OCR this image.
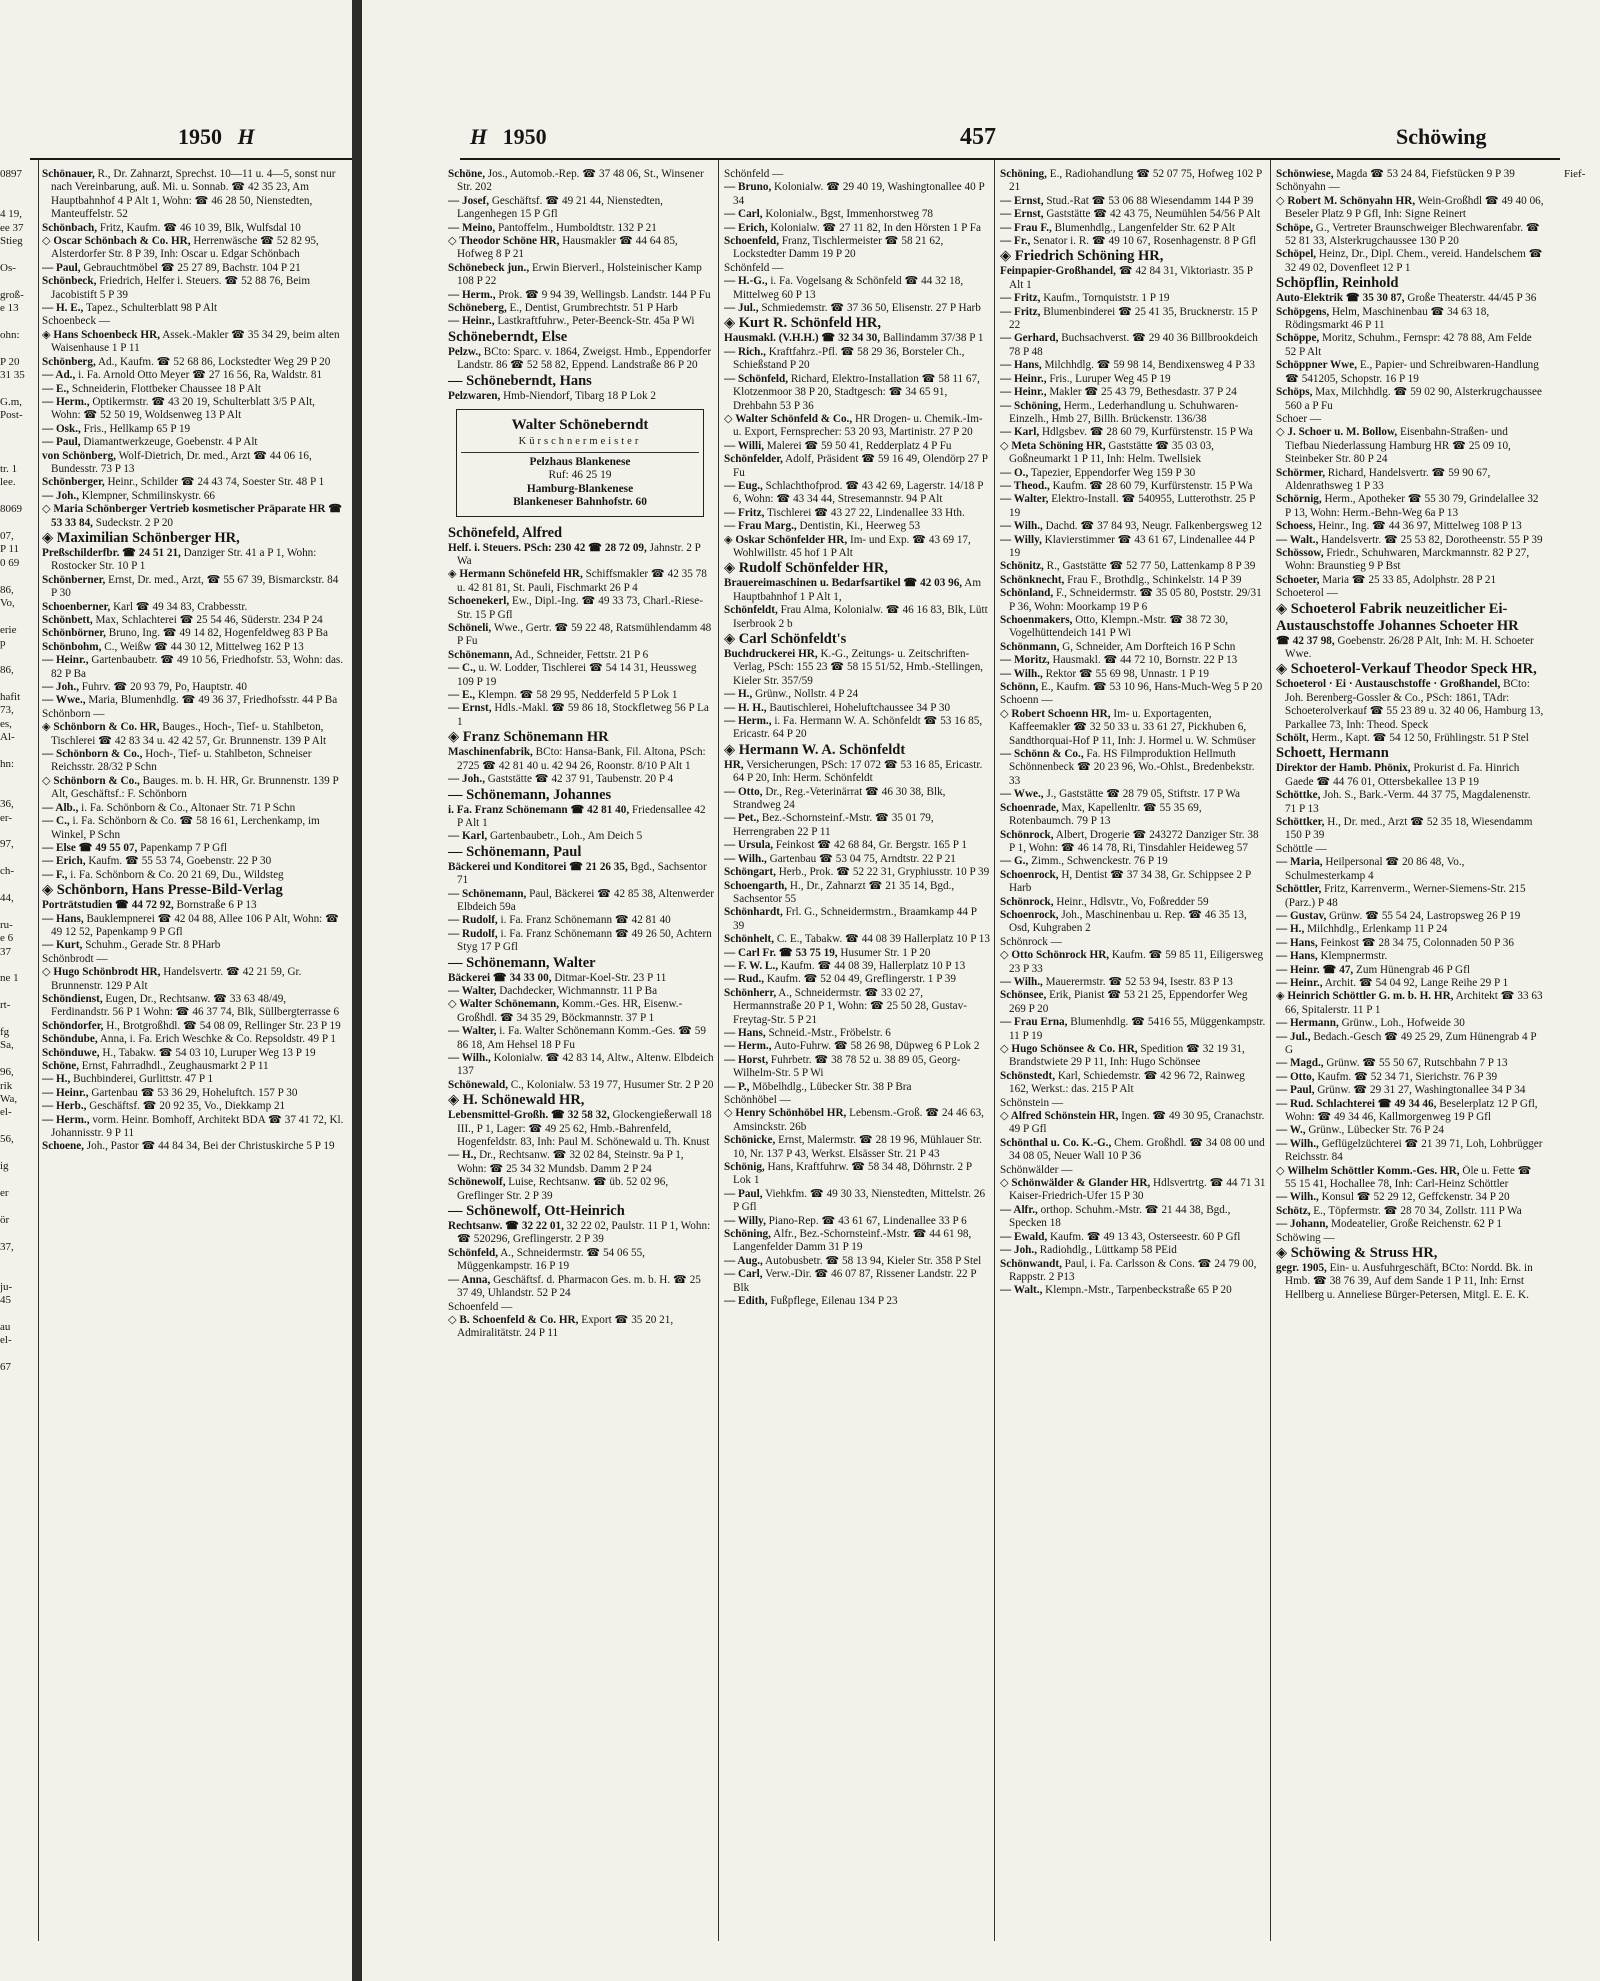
0897

4 19,
ee 37
Stieg

Os-

groß-
e 13

ohn:

P 20
31 35

G.m,
Post-

tr. 1
lee.

8069

07,
P 11
0 69

86,
Vo,

erie
p

86,

hafit
73,
es,
Al-

hn:

36,
er-

97,

ch-

44,

ru-
e 6
37

ne 1

rt-

fg
Sa,

96,
rik
Wa,
el-

56,

ig

er

ör

37,

ju-
45

au
el-

67
1950 H

Schönauer, R., Dr. Zahnarzt, Sprechst. 10—11 u. 4—5, sonst nur nach Vereinbarung, auß. Mi. u. Sonnab. ☎ 42 35 23, Am Hauptbahnhof 4 P Alt 1, Wohn: ☎ 46 28 50, Nienstedten, Manteuffelstr. 52

Schönbach, Fritz, Kaufm. ☎ 46 10 39, Blk, Wulfsdal 10

◇ Oscar Schönbach & Co. HR, Herrenwäsche ☎ 52 82 95, Alsterdorfer Str. 8 P 39, Inh: Oscar u. Edgar Schönbach

— Paul, Gebrauchtmöbel ☎ 25 27 89, Bachstr. 104 P 21

Schönbeck, Friedrich, Helfer i. Steuers. ☎ 52 88 76, Beim Jacobistift 5 P 39

— H. E., Tapez., Schulterblatt 98 P Alt

Schoenbeck —

◈ Hans Schoenbeck HR, Assek.-Makler ☎ 35 34 29, beim alten Waisenhause 1 P 11

Schönberg, Ad., Kaufm. ☎ 52 68 86, Lockstedter Weg 29 P 20

— Ad., i. Fa. Arnold Otto Meyer ☎ 27 16 56, Ra, Waldstr. 81

— E., Schneiderin, Flottbeker Chaussee 18 P Alt

— Herm., Optikermstr. ☎ 43 20 19, Schulterblatt 3/5 P Alt, Wohn: ☎ 52 50 19, Woldsenweg 13 P Alt

— Osk., Fris., Hellkamp 65 P 19

— Paul, Diamantwerkzeuge, Goebenstr. 4 P Alt

von Schönberg, Wolf-Dietrich, Dr. med., Arzt ☎ 44 06 16, Bundesstr. 73 P 13

Schönberger, Heinr., Schilder ☎ 24 43 74, Soester Str. 48 P 1

— Joh., Klempner, Schmilinskystr. 66

◇ Maria Schönberger Vertrieb kosmetischer Präparate HR ☎ 53 33 84, Sudeckstr. 2 P 20

◈ Maximilian Schönberger HR,

Preßschilderfbr. ☎ 24 51 21, Danziger Str. 41 a P 1, Wohn: Rostocker Str. 10 P 1

Schönberner, Ernst, Dr. med., Arzt, ☎ 55 67 39, Bismarckstr. 84 P 30

Schoenberner, Karl ☎ 49 34 83, Crabbesstr.

Schönbett, Max, Schlachterei ☎ 25 54 46, Süderstr. 234 P 24

Schönbörner, Bruno, Ing. ☎ 49 14 82, Hogenfeldweg 83 P Ba

Schönbohm, C., Weißw ☎ 44 30 12, Mittelweg 162 P 13

— Heinr., Gartenbaubetr. ☎ 49 10 56, Friedhofstr. 53, Wohn: das. 82 P Ba

— Joh., Fuhrv. ☎ 20 93 79, Po, Hauptstr. 40

— Wwe., Maria, Blumenhdlg. ☎ 49 36 37, Friedhofsstr. 44 P Ba

Schönborn —

◈ Schönborn & Co. HR, Bauges., Hoch-, Tief- u. Stahlbeton, Tischlerei ☎ 42 83 34 u. 42 42 57, Gr. Brunnenstr. 139 P Alt

— Schönborn & Co., Hoch-, Tief- u. Stahlbeton, Schneiser Reichsstr. 28/32 P Schn

◇ Schönborn & Co., Bauges. m. b. H. HR, Gr. Brunnenstr. 139 P Alt, Geschäftsf.: F. Schönborn

— Alb., i. Fa. Schönborn & Co., Altonaer Str. 71 P Schn

— C., i. Fa. Schönborn & Co. ☎ 58 16 61, Lerchenkamp, im Winkel, P Schn

— Else ☎ 49 55 07, Papenkamp 7 P Gfl

— Erich, Kaufm. ☎ 55 53 74, Goebenstr. 22 P 30

— F., i. Fa. Schönborn & Co. 20 21 69, Du., Wildsteg

◈ Schönborn, Hans Presse-Bild-Verlag

Porträtstudien ☎ 44 72 92, Bornstraße 6 P 13

— Hans, Bauklempnerei ☎ 42 04 88, Allee 106 P Alt, Wohn: ☎ 49 12 52, Papenkamp 9 P Gfl

— Kurt, Schuhm., Gerade Str. 8 PHarb

Schönbrodt —

◇ Hugo Schönbrodt HR, Handelsvertr. ☎ 42 21 59, Gr. Brunnenstr. 129 P Alt

Schöndienst, Eugen, Dr., Rechtsanw. ☎ 33 63 48/49, Ferdinandstr. 56 P 1 Wohn: ☎ 46 37 74, Blk, Süllbergterrasse 6

Schöndorfer, H., Brotgroßhdl. ☎ 54 08 09, Rellinger Str. 23 P 19

Schöndube, Anna, i. Fa. Erich Weschke & Co. Repsoldstr. 49 P 1

Schönduwe, H., Tabakw. ☎ 54 03 10, Luruper Weg 13 P 19

Schöne, Ernst, Fahrradhdl., Zeughausmarkt 2 P 11

— H., Buchbinderei, Gurlittstr. 47 P 1

— Heinr., Gartenbau ☎ 53 36 29, Hoheluftch. 157 P 30

— Herb., Geschäftsf. ☎ 20 92 35, Vo., Diekkamp 21

— Herm., vorm. Heinr. Bomhoff, Architekt BDA ☎ 37 41 72, Kl. Johannisstr. 9 P 11

Schoene, Joh., Pastor ☎ 44 84 34, Bei der Christuskirche 5 P 19

H 1950	457	Schöwing

Schöne, Jos., Automob.-Rep. ☎ 37 48 06, St., Winsener Str. 202

— Josef, Geschäftsf. ☎ 49 21 44, Nienstedten, Langenhegen 15 P Gfl

— Meino, Pantoffelm., Humboldtstr. 132 P 21

◇ Theodor Schöne HR, Hausmakler ☎ 44 64 85, Hofweg 8 P 21

Schönebeck jun., Erwin Bierverl., Holsteinischer Kamp 108 P 22

— Herm., Prok. ☎ 9 94 39, Wellingsb. Landstr. 144 P Fu

Schöneberg, E., Dentist, Grumbrechtstr. 51 P Harb

— Heinr., Lastkraftfuhrw., Peter-Beenck-Str. 45a P Wi

Schöneberndt, Else

Pelzw., BCto: Sparc. v. 1864, Zweigst. Hmb., Eppendorfer Landstr. 86 ☎ 52 58 82, Eppend. Landstraße 86 P 20

— Schöneberndt, Hans

Pelzwaren, Hmb-Niendorf, Tibarg 18 P Lok 2

Walter Schöneberndt
Kürschnermeister
Pelzhaus Blankenese
Ruf: 46 25 19
Hamburg-Blankenese
Blankeneser Bahnhofstr. 60

Schönefeld, Alfred

Helf. i. Steuers. PSch: 230 42 ☎ 28 72 09, Jahnstr. 2 P Wa

◈ Hermann Schönefeld HR, Schiffsmakler ☎ 42 35 78 u. 42 81 81, St. Pauli, Fischmarkt 26 P 4

Schoenekerl, Ew., Dipl.-Ing. ☎ 49 33 73, Charl.-Riese-Str. 15 P Gfl

Schöneli, Wwe., Gertr. ☎ 59 22 48, Ratsmühlendamm 48 P Fu

Schönemann, Ad., Schneider, Fettstr. 21 P 6

— C., u. W. Lodder, Tischlerei ☎ 54 14 31, Heussweg 109 P 19

— E., Klempn. ☎ 58 29 95, Nedderfeld 5 P Lok 1

— Ernst, Hdls.-Makl. ☎ 59 86 18, Stockfletweg 56 P La 1

◈ Franz Schönemann HR

Maschinenfabrik, BCto: Hansa-Bank, Fil. Altona, PSch: 2725 ☎ 42 81 40 u. 42 94 26, Roonstr. 8/10 P Alt 1

— Joh., Gaststätte ☎ 42 37 91, Taubenstr. 20 P 4

— Schönemann, Johannes

i. Fa. Franz Schönemann ☎ 42 81 40, Friedensallee 42 P Alt 1

— Karl, Gartenbaubetr., Loh., Am Deich 5

— Schönemann, Paul

Bäckerei und Konditorei ☎ 21 26 35, Bgd., Sachsentor 71

— Schönemann, Paul, Bäckerei ☎ 42 85 38, Altenwerder Elbdeich 59a

— Rudolf, i. Fa. Franz Schönemann ☎ 42 81 40

— Rudolf, i. Fa. Franz Schönemann ☎ 49 26 50, Achtern Styg 17 P Gfl

— Schönemann, Walter

Bäckerei ☎ 34 33 00, Ditmar-Koel-Str. 23 P 11

— Walter, Dachdecker, Wichmannstr. 11 P Ba

◇ Walter Schönemann, Komm.-Ges. HR, Eisenw.-Großhdl. ☎ 34 35 29, Böckmannstr. 37 P 1

— Walter, i. Fa. Walter Schönemann Komm.-Ges. ☎ 59 86 18, Am Hehsel 18 P Fu

— Wilh., Kolonialw. ☎ 42 83 14, Altw., Altenw. Elbdeich 137

Schönewald, C., Kolonialw. 53 19 77, Husumer Str. 2 P 20

◈ H. Schönewald HR,

Lebensmittel-Großh. ☎ 32 58 32, Glockengießerwall 18 III., P 1, Lager: ☎ 49 25 62, Hmb.-Bahrenfeld, Hogenfeldstr. 83, Inh: Paul M. Schönewald u. Th. Knust

— H., Dr., Rechtsanw. ☎ 32 02 84, Steinstr. 9a P 1, Wohn: ☎ 25 34 32 Mundsb. Damm 2 P 24

Schönewolf, Luise, Rechtsanw. ☎ üb. 52 02 96, Greflinger Str. 2 P 39

— Schönewolf, Ott-Heinrich

Rechtsanw. ☎ 32 22 01, 32 22 02, Paulstr. 11 P 1, Wohn: ☎ 520296, Greflingerstr. 2 P 39

Schönfeld, A., Schneidermstr. ☎ 54 06 55, Müggenkampstr. 16 P 19

— Anna, Geschäftsf. d. Pharmacon Ges. m. b. H. ☎ 25 37 49, Uhlandstr. 52 P 24

Schoenfeld —

◇ B. Schoenfeld & Co. HR, Export ☎ 35 20 21, Admiralitätstr. 24 P 11

Schönfeld —

— Bruno, Kolonialw. ☎ 29 40 19, Washingtonallee 40 P 34

— Carl, Kolonialw., Bgst, Immenhorstweg 78

— Erich, Kolonialw. ☎ 27 11 82, In den Hörsten 1 P Fa

Schoenfeld, Franz, Tischlermeister ☎ 58 21 62, Lockstedter Damm 19 P 20

Schönfeld —

— H.-G., i. Fa. Vogelsang & Schönfeld ☎ 44 32 18, Mittelweg 60 P 13

— Jul., Schmiedemstr. ☎ 37 36 50, Elisenstr. 27 P Harb

◈ Kurt R. Schönfeld HR,

Hausmakl. (V.H.H.) ☎ 32 34 30, Ballindamm 37/38 P 1

— Rich., Kraftfahrz.-Pfl. ☎ 58 29 36, Borsteler Ch., Schießstand P 20

— Schönfeld, Richard, Elektro-Installation ☎ 58 11 67, Klotzenmoor 38 P 20, Stadtgesch: ☎ 34 65 91, Drehbahn 53 P 36

◇ Walter Schönfeld & Co., HR Drogen- u. Chemik.-Im- u. Export, Fernsprecher: 53 20 93, Martinistr. 27 P 20

— Willi, Malerei ☎ 59 50 41, Redderplatz 4 P Fu

Schönfelder, Adolf, Präsident ☎ 59 16 49, Olendörp 27 P Fu

— Eug., Schlachthofprod. ☎ 43 42 69, Lagerstr. 14/18 P 6, Wohn: ☎ 43 34 44, Stresemannstr. 94 P Alt

— Fritz, Tischlerei ☎ 43 27 22, Lindenallee 33 Hth.

— Frau Marg., Dentistin, Ki., Heerweg 53

◈ Oskar Schönfelder HR, Im- und Exp. ☎ 43 69 17, Wohlwillstr. 45 hof 1 P Alt

◈ Rudolf Schönfelder HR,

Brauereimaschinen u. Bedarfsartikel ☎ 42 03 96, Am Hauptbahnhof 1 P Alt 1,

Schönfeldt, Frau Alma, Kolonialw. ☎ 46 16 83, Blk, Lütt Iserbrook 2 b

◈ Carl Schönfeldt's

Buchdruckerei HR, K.-G., Zeitungs- u. Zeitschriften-Verlag, PSch: 155 23 ☎ 58 15 51/52, Hmb.-Stellingen, Kieler Str. 357/59

— H., Grünw., Nollstr. 4 P 24

— H. H., Bautischlerei, Hoheluftchaussee 34 P 30

— Herm., i. Fa. Hermann W. A. Schönfeldt ☎ 53 16 85, Ericastr. 64 P 20

◈ Hermann W. A. Schönfeldt

HR, Versicherungen, PSch: 17 072 ☎ 53 16 85, Ericastr. 64 P 20, Inh: Herm. Schönfeldt

— Otto, Dr., Reg.-Veterinärrat ☎ 46 30 38, Blk, Strandweg 24

— Pet., Bez.-Schornsteinf.-Mstr. ☎ 35 01 79, Herrengraben 22 P 11

— Ursula, Feinkost ☎ 42 68 84, Gr. Bergstr. 165 P 1

— Wilh., Gartenbau ☎ 53 04 75, Arndtstr. 22 P 21

Schöngart, Herb., Prok. ☎ 52 22 31, Gryphiusstr. 10 P 39

Schoengarth, H., Dr., Zahnarzt ☎ 21 35 14, Bgd., Sachsentor 55

Schönhardt, Frl. G., Schneidermstrn., Braamkamp 44 P 39

Schönhelt, C. E., Tabakw. ☎ 44 08 39 Hallerplatz 10 P 13

— Carl Fr. ☎ 53 75 19, Husumer Str. 1 P 20

— F. W. L., Kaufm. ☎ 44 08 39, Hallerplatz 10 P 13

— Rud., Kaufm. ☎ 52 04 49, Greflingerstr. 1 P 39

Schönherr, A., Schneidermstr. ☎ 33 02 27, Hermannstraße 20 P 1, Wohn: ☎ 25 50 28, Gustav-Freytag-Str. 5 P 21

— Hans, Schneid.-Mstr., Fröbelstr. 6

— Herm., Auto-Fuhrw. ☎ 58 26 98, Düpweg 6 P Lok 2

— Horst, Fuhrbetr. ☎ 38 78 52 u. 38 89 05, Georg-Wilhelm-Str. 5 P Wi

— P., Möbelhdlg., Lübecker Str. 38 P Bra

Schönhöbel —

◇ Henry Schönhöbel HR, Lebensm.-Groß. ☎ 24 46 63, Amsinckstr. 26b

Schönicke, Ernst, Malermstr. ☎ 28 19 96, Mühlauer Str. 10, Nr. 137 P 43, Werkst. Elsässer Str. 21 P 43

Schönig, Hans, Kraftfuhrw. ☎ 58 34 48, Döhrnstr. 2 P Lok 1

— Paul, Viehkfm. ☎ 49 30 33, Nienstedten, Mittelstr. 26 P Gfl

— Willy, Piano-Rep. ☎ 43 61 67, Lindenallee 33 P 6

Schöning, Alfr., Bez.-Schornsteinf.-Mstr. ☎ 44 61 98, Langenfelder Damm 31 P 19

— Aug., Autobusbetr. ☎ 58 13 94, Kieler Str. 358 P Stel

— Carl, Verw.-Dir. ☎ 46 07 87, Rissener Landstr. 22 P Blk

— Edith, Fußpflege, Eilenau 134 P 23

Schöning, E., Radiohandlung ☎ 52 07 75, Hofweg 102 P 21

— Ernst, Stud.-Rat ☎ 53 06 88 Wiesendamm 144 P 39

— Ernst, Gaststätte ☎ 42 43 75, Neumühlen 54/56 P Alt

— Frau F., Blumenhdlg., Langenfelder Str. 62 P Alt

— Fr., Senator i. R. ☎ 49 10 67, Rosenhagenstr. 8 P Gfl

◈ Friedrich Schöning HR,

Feinpapier-Großhandel, ☎ 42 84 31, Viktoriastr. 35 P Alt 1

— Fritz, Kaufm., Tornquiststr. 1 P 19

— Fritz, Blumenbinderei ☎ 25 41 35, Brucknerstr. 15 P 22

— Gerhard, Buchsachverst. ☎ 29 40 36 Billbrookdeich 78 P 48

— Hans, Milchhdlg. ☎ 59 98 14, Bendixensweg 4 P 33

— Heinr., Fris., Luruper Weg 45 P 19

— Heinr., Makler ☎ 25 43 79, Bethesdastr. 37 P 24

— Schöning, Herm., Lederhandlung u. Schuhwaren-Einzelh., Hmb 27, Billh. Brückenstr. 136/38

— Karl, Hdlgsbev. ☎ 28 60 79, Kurfürstenstr. 15 P Wa

◇ Meta Schöning HR, Gaststätte ☎ 35 03 03, Goßneumarkt 1 P 11, Inh: Helm. Twellsiek

— O., Tapezier, Eppendorfer Weg 159 P 30

— Theod., Kaufm. ☎ 28 60 79, Kurfürstenstr. 15 P Wa

— Walter, Elektro-Install. ☎ 540955, Lutterothstr. 25 P 19

— Wilh., Dachd. ☎ 37 84 93, Neugr. Falkenbergsweg 12

— Willy, Klavierstimmer ☎ 43 61 67, Lindenallee 44 P 19

Schönitz, R., Gaststätte ☎ 52 77 50, Lattenkamp 8 P 39

Schönknecht, Frau F., Brothdlg., Schinkelstr. 14 P 39

Schönland, F., Schneidermstr. ☎ 35 05 80, Poststr. 29/31 P 36, Wohn: Moorkamp 19 P 6

Schoenmakers, Otto, Klempn.-Mstr. ☎ 38 72 30, Vogelhüttendeich 141 P Wi

Schönmann, G, Schneider, Am Dorfteich 16 P Schn

— Moritz, Hausmakl. ☎ 44 72 10, Bornstr. 22 P 13

— Wilh., Rektor ☎ 55 69 98, Unnastr. 1 P 19

Schönn, E., Kaufm. ☎ 53 10 96, Hans-Much-Weg 5 P 20

Schoenn —

◇ Robert Schoenn HR, Im- u. Exportagenten, Kaffeemakler ☎ 32 50 33 u. 33 61 27, Pickhuben 6, Sandthorquai-Hof P 11, Inh: J. Hormel u. W. Schmüser

— Schönn & Co., Fa. HS Filmproduktion Hellmuth Schönnenbeck ☎ 20 23 96, Wo.-Ohlst., Bredenbekstr. 33

— Wwe., J., Gaststätte ☎ 28 79 05, Stiftstr. 17 P Wa

Schoenrade, Max, Kapellenltr. ☎ 55 35 69, Rotenbaumch. 79 P 13

Schönrock, Albert, Drogerie ☎ 243272 Danziger Str. 38 P 1, Wohn: ☎ 46 14 78, Ri, Tinsdahler Heideweg 57

— G., Zimm., Schwenckestr. 76 P 19

Schoenrock, H, Dentist ☎ 37 34 38, Gr. Schippsee 2 P Harb

Schönrock, Heinr., Hdlsvtr., Vo, Foßredder 59

Schoenrock, Joh., Maschinenbau u. Rep. ☎ 46 35 13, Osd, Kuhgraben 2

Schönrock —

◇ Otto Schönrock HR, Kaufm. ☎ 59 85 11, Eiligersweg 23 P 33

— Wilh., Mauerermstr. ☎ 52 53 94, Isestr. 83 P 13

Schönsee, Erik, Pianist ☎ 53 21 25, Eppendorfer Weg 269 P 20

— Frau Erna, Blumenhdlg. ☎ 5416 55, Müggenkampstr. 11 P 19

◇ Hugo Schönsee & Co. HR, Spedition ☎ 32 19 31, Brandstwiete 29 P 11, Inh: Hugo Schönsee

Schönstedt, Karl, Schiedemstr. ☎ 42 96 72, Rainweg 162, Werkst.: das. 215 P Alt

Schönstein —

◇ Alfred Schönstein HR, Ingen. ☎ 49 30 95, Cranachstr. 49 P Gfl

Schönthal u. Co. K.-G., Chem. Großhdl. ☎ 34 08 00 und 34 08 05, Neuer Wall 10 P 36

Schönwälder —

◇ Schönwälder & Glander HR, Hdlsvertrtg. ☎ 44 71 31 Kaiser-Friedrich-Ufer 15 P 30

— Alfr., orthop. Schuhm.-Mstr. ☎ 21 44 38, Bgd., Specken 18

— Ewald, Kaufm. ☎ 49 13 43, Osterseestr. 60 P Gfl

— Joh., Radiohdlg., Lüttkamp 58 PEid

Schönwandt, Paul, i. Fa. Carlsson & Cons. ☎ 24 79 00, Rappstr. 2 P13

— Walt., Klempn.-Mstr., Tarpenbeckstraße 65 P 20

Schönwiese, Magda ☎ 53 24 84, Fiefstücken 9 P 39

Schönyahn —

◇ Robert M. Schönyahn HR, Wein-Großhdl ☎ 49 40 06, Beseler Platz 9 P Gfl, Inh: Signe Reinert

Schöpe, G., Vertreter Braunschweiger Blechwarenfabr. ☎ 52 81 33, Alsterkrugchaussee 130 P 20

Schöpel, Heinz, Dr., Dipl. Chem., vereid. Handelschem ☎ 32 49 02, Dovenfleet 12 P 1

Schöpflin, Reinhold

Auto-Elektrik ☎ 35 30 87, Große Theaterstr. 44/45 P 36

Schöpgens, Helm, Maschinenbau ☎ 34 63 18, Rödingsmarkt 46 P 11

Schöppe, Moritz, Schuhm., Fernspr: 42 78 88, Am Felde 52 P Alt

Schöppner Wwe, E., Papier- und Schreibwaren-Handlung ☎ 541205, Schopstr. 16 P 19

Schöps, Max, Milchhdlg. ☎ 59 02 90, Alsterkrugchaussee 560 a P Fu

Schoer —

◇ J. Schoer u. M. Bollow, Eisenbahn-Straßen- und Tiefbau Niederlassung Hamburg HR ☎ 25 09 10, Steinbeker Str. 80 P 24

Schörmer, Richard, Handelsvertr. ☎ 59 90 67, Aldenrathsweg 1 P 33

Schörnig, Herm., Apotheker ☎ 55 30 79, Grindelallee 32 P 13, Wohn: Herm.-Behn-Weg 6a P 13

Schoess, Heinr., Ing. ☎ 44 36 97, Mittelweg 108 P 13

— Walt., Handelsvertr. ☎ 25 53 82, Dorotheenstr. 55 P 39

Schössow, Friedr., Schuhwaren, Marckmannstr. 82 P 27, Wohn: Braunstieg 9 P Bst

Schoeter, Maria ☎ 25 33 85, Adolphstr. 28 P 21

Schoeterol —

◈ Schoeterol Fabrik neuzeitlicher Ei-Austauschstoffe Johannes Schoeter HR

☎ 42 37 98, Goebenstr. 26/28 P Alt, Inh: M. H. Schoeter Wwe.

◈ Schoeterol-Verkauf Theodor Speck HR,

Schoeterol · Ei · Austauschstoffe · Großhandel, BCto: Joh. Berenberg-Gossler & Co., PSch: 1861, TAdr: Schoeterolverkauf ☎ 55 23 89 u. 32 40 06, Hamburg 13, Parkallee 73, Inh: Theod. Speck

Schölt, Herm., Kapt. ☎ 54 12 50, Frühlingstr. 51 P Stel

Schoett, Hermann

Direktor der Hamb. Phönix, Prokurist d. Fa. Hinrich Gaede ☎ 44 76 01, Ottersbekallee 13 P 19

Schöttke, Joh. S., Bark.-Verm. 44 37 75, Magdalenenstr. 71 P 13

Schöttker, H., Dr. med., Arzt ☎ 52 35 18, Wiesendamm 150 P 39

Schöttle —

— Maria, Heilpersonal ☎ 20 86 48, Vo., Schulmesterkamp 4

Schöttler, Fritz, Karrenverm., Werner-Siemens-Str. 215 (Parz.) P 48

— Gustav, Grünw. ☎ 55 54 24, Lastropsweg 26 P 19

— H., Milchhdlg., Erlenkamp 11 P 24

— Hans, Feinkost ☎ 28 34 75, Colonnaden 50 P 36

— Hans, Klempnermstr.

— Heinr. ☎ 47, Zum Hünengrab 46 P Gfl

— Heinr., Archit. ☎ 54 04 92, Lange Reihe 29 P 1

◈ Heinrich Schöttler G. m. b. H. HR, Architekt ☎ 33 63 66, Spitalerstr. 11 P 1

— Hermann, Grünw., Loh., Hofweide 30

— Jul., Bedach.-Gesch ☎ 49 25 29, Zum Hünengrab 4 P G

— Magd., Grünw. ☎ 55 50 67, Rutschbahn 7 P 13

— Otto, Kaufm. ☎ 52 34 71, Sierichstr. 76 P 39

— Paul, Grünw. ☎ 29 31 27, Washingtonallee 34 P 34

— Rud. Schlachterei ☎ 49 34 46, Beselerplatz 12 P Gfl, Wohn: ☎ 49 34 46, Kallmorgenweg 19 P Gfl

— W., Grünw., Lübecker Str. 76 P 24

— Wilh., Geflügelzüchterei ☎ 21 39 71, Loh, Lohbrügger Reichsstr. 84

◇ Wilhelm Schöttler Komm.-Ges. HR, Öle u. Fette ☎ 55 15 41, Hochallee 78, Inh: Carl-Heinz Schöttler

— Wilh., Konsul ☎ 52 29 12, Geffckenstr. 34 P 20

Schötz, E., Töpfermstr. ☎ 28 70 34, Zollstr. 111 P Wa

— Johann, Modeatelier, Große Reichenstr. 62 P 1

Schöwing —

◈ Schöwing & Struss HR,

gegr. 1905, Ein- u. Ausfuhrgeschäft, BCto: Nordd. Bk. in Hmb. ☎ 38 76 39, Auf dem Sande 1 P 11, Inh: Ernst Hellberg u. Anneliese Bürger-Petersen, Mitgl. E. E. K.

Fief-
